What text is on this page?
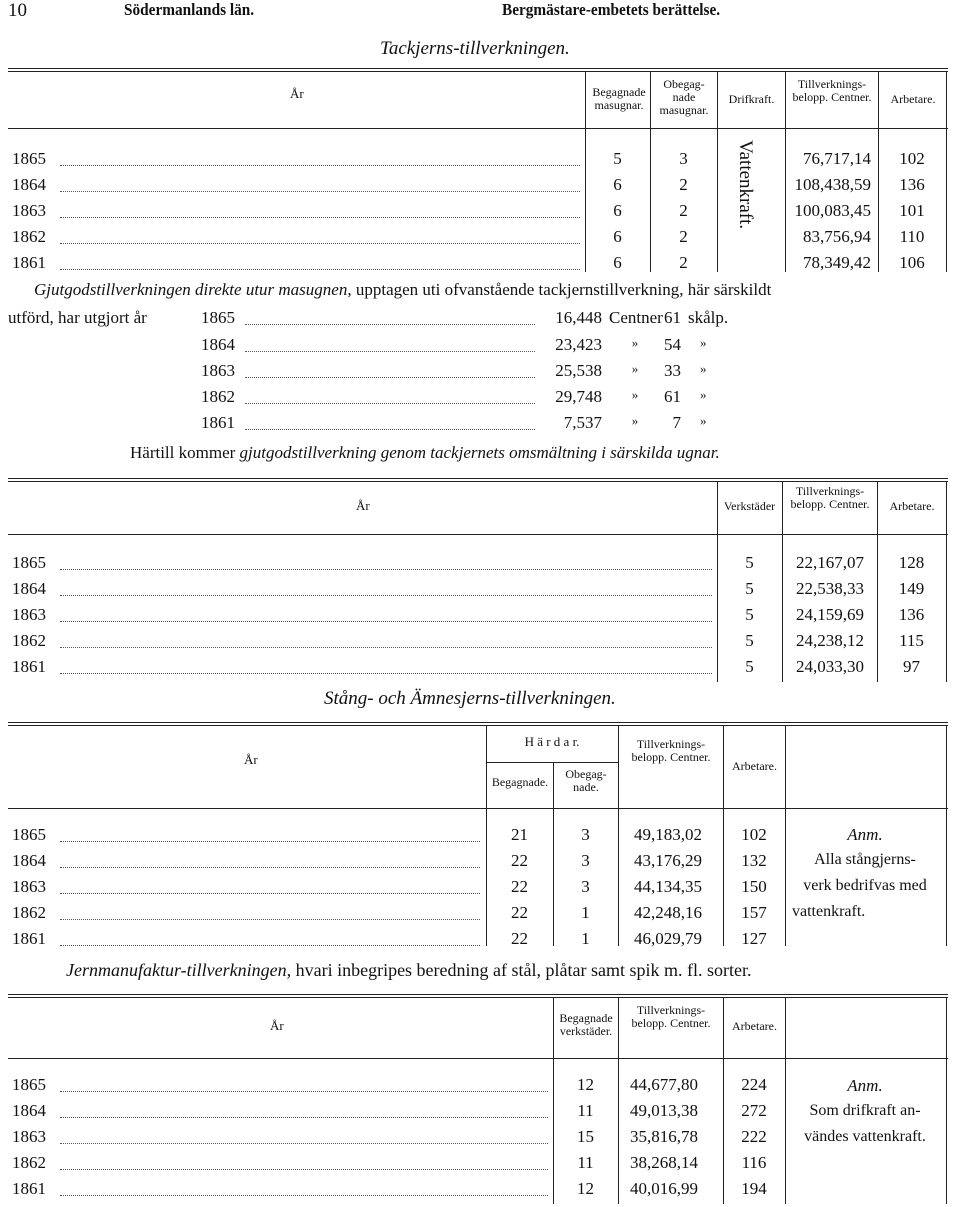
10	Södermanlands län.	Bergmästare-embetets berättelse.
Tackjerns-tillverkningen.
År	Begagnade masugnar.
Obegag-nade masugnar.
Drifkraft.
Tillverknings-belopp. Centner.	Arbetare.
Vattenkraft.
1865	5	3	76,717,14	102
1864	6	2	108,438,59	136
1863	6	2	100,083,45	101
1862	6	2	83,756,94	110
1861	6	2	78,349,42	106
Gjutgodstillverkningen direkte utur masugnen, upptagen uti ofvanstående tackjernstillverkning, här särskildt
utförd, har utgjort år	1865	16,448 Centner 61 skålp.
1864	23,423	»	54 »
1863	25,538	»	33 »
1862	29,748	»	61 »
1861	7,537	»	7 »
Härtill kommer gjutgodstillverkning genom tackjernets omsmältning i särskilda ugnar.
År	Verkstäder
Tillverknings-belopp. Centner.	Arbetare.
1865	5	22,167,07	128
1864	5	22,538,33	149
1863	5	24,159,69	136
1862	5	24,238,12	115
1861	5	24,033,30	97
Stång- och Ämnesjerns-tillverkningen.
År
H ä r d a r.
Begagnade.
Obegag-nade.
Tillverknings-belopp. Centner.
Arbetare.
1865	21	3	49,183,02	102
1864	22	3	43,176,29	132
1863	22	3	44,134,35	150
1862	22	1	42,248,16	157
1861	22	1	46,029,79	127
Anm.
Alla stångjerns-
verk bedrifvas med
vattenkraft.
Jernmanufaktur-tillverkningen, hvari inbegripes beredning af stål, plåtar samt spik m. fl. sorter.
År	Begagnade verkstäder.
Tillverknings-belopp. Centner.	Arbetare.
1865	12	44,677,80	224
1864	11	49,013,38	272
1863	15	35,816,78	222
1862	11	38,268,14	116
1861	12	40,016,99	194
Anm.
Som drifkraft an-
vändes vattenkraft.
